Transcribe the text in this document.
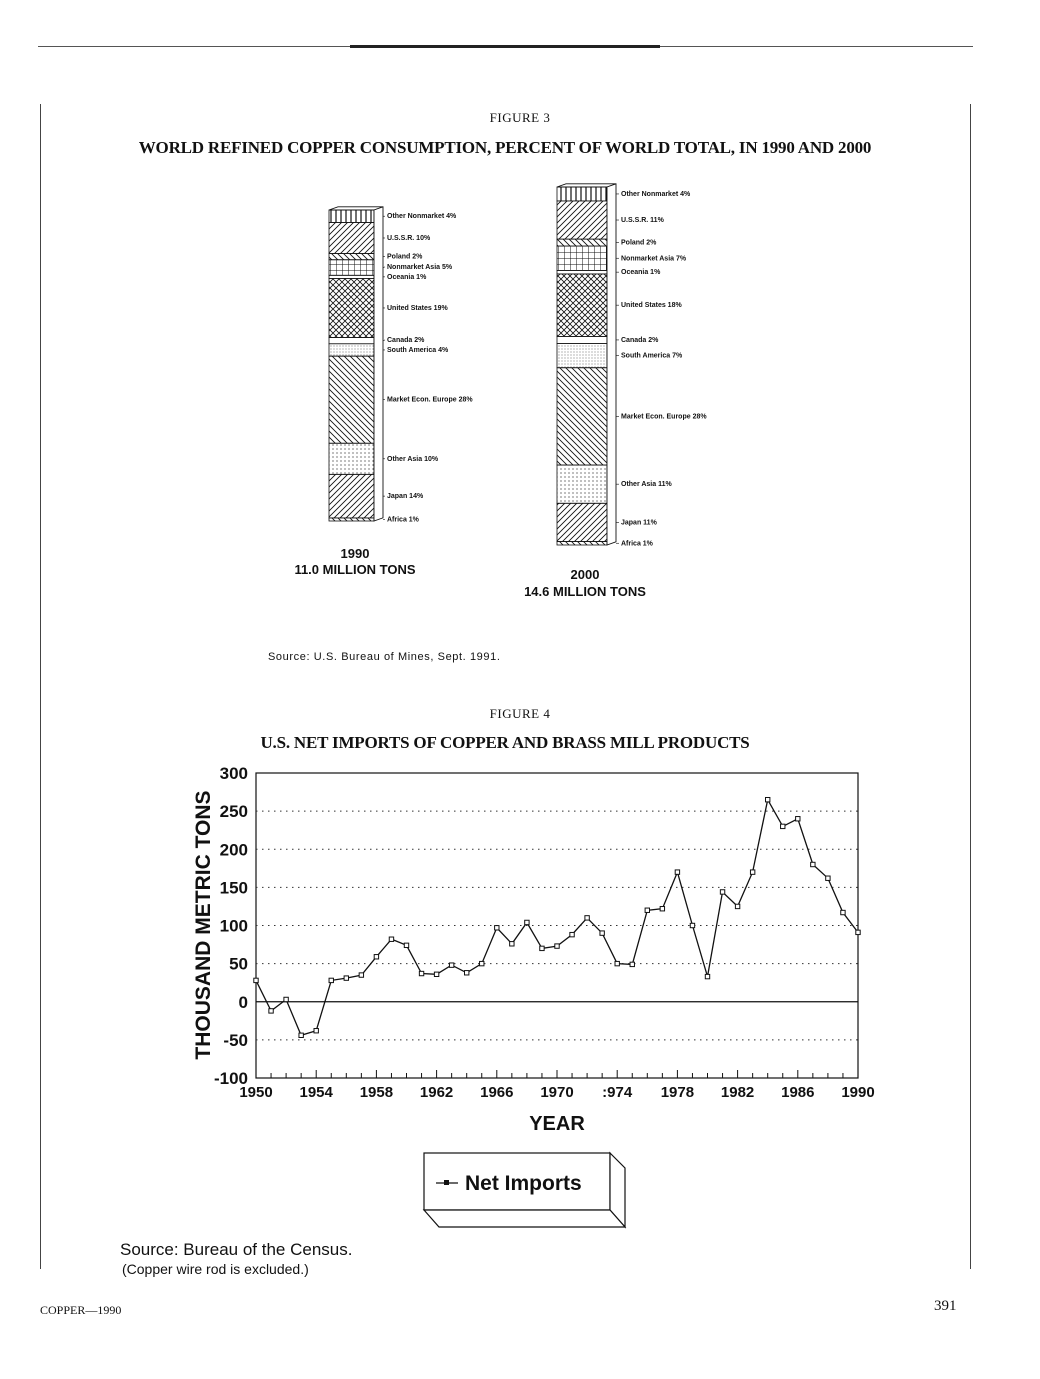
FIGURE 3
WORLD REFINED COPPER CONSUMPTION, PERCENT OF WORLD TOTAL, IN 1990 AND 2000
Africa 1%
Japan 14%
Other Asia 10%
Market Econ. Europe 28%
South America 4%
Canada 2%
United States 19%
Oceania 1%
Nonmarket Asia 5%
Poland 2%
U.S.S.R. 10%
Other Nonmarket 4%
Africa 1%
Japan 11%
Other Asia 11%
Market Econ. Europe 28%
South America 7%
Canada 2%
United States 18%
Oceania 1%
Nonmarket Asia 7%
Poland 2%
U.S.S.R. 11%
Other Nonmarket 4%
1990
11.0 MILLION TONS	2000
14.6 MILLION TONS
Source: U.S. Bureau of Mines, Sept. 1991.
FIGURE 4
U.S. NET IMPORTS OF COPPER AND BRASS MILL PRODUCTS
300
250
200
150
100
50
0
-50
-100
1950 1954 1958 1962 1966 1970 :974 1978 1982 1986 1990
YEAR
THOUSAND METRIC TONS
Net Imports
Source: Bureau of the Census.
(Copper wire rod is excluded.)
COPPER—1990	391
